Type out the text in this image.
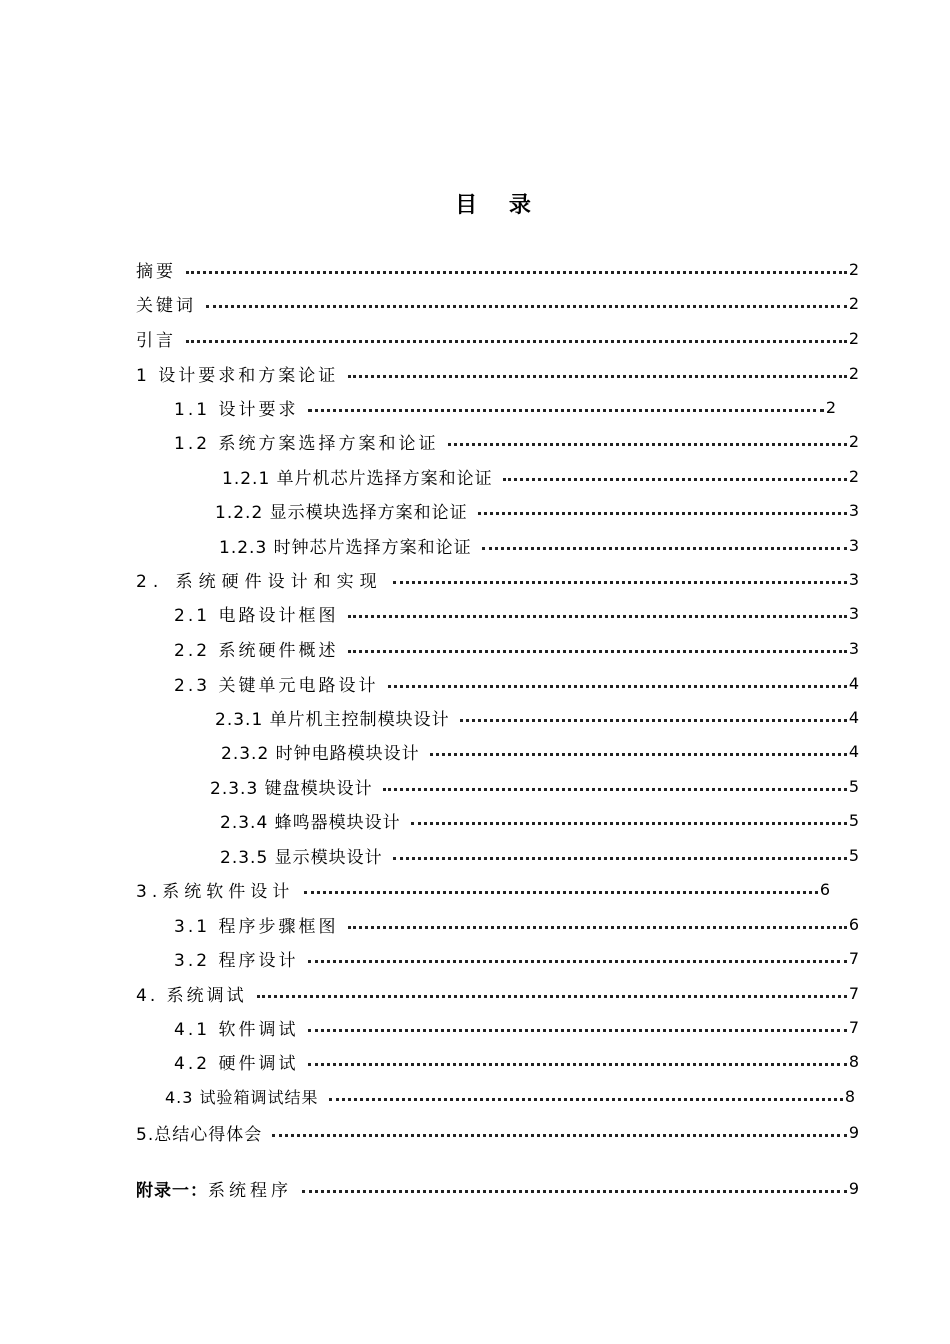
目 录
摘要	2
关键词	2
引言	2
1 设计要求和方案论证	2
1.1 设计要求	2
1.2 系统方案选择方案和论证	2
1.2.1 单片机芯片选择方案和论证	2
1.2.2 显示模块选择方案和论证	3
1.2.3 时钟芯片选择方案和论证	3
2. 系统硬件设计和实现	3
2.1 电路设计框图	3
2.2 系统硬件概述	3
2.3 关键单元电路设计	4
2.3.1 单片机主控制模块设计	4
2.3.2 时钟电路模块设计	4
2.3.3 键盘模块设计	5
2.3.4 蜂鸣器模块设计	5
2.3.5 显示模块设计	5
3.系统软件设计	6
3.1 程序步骤框图	6
3.2 程序设计	7
4. 系统调试	7
4.1 软件调试	7
4.2 硬件调试	8
4.3 试验箱调试结果	8
5.总结心得体会	9
附录一：系统程序	9
